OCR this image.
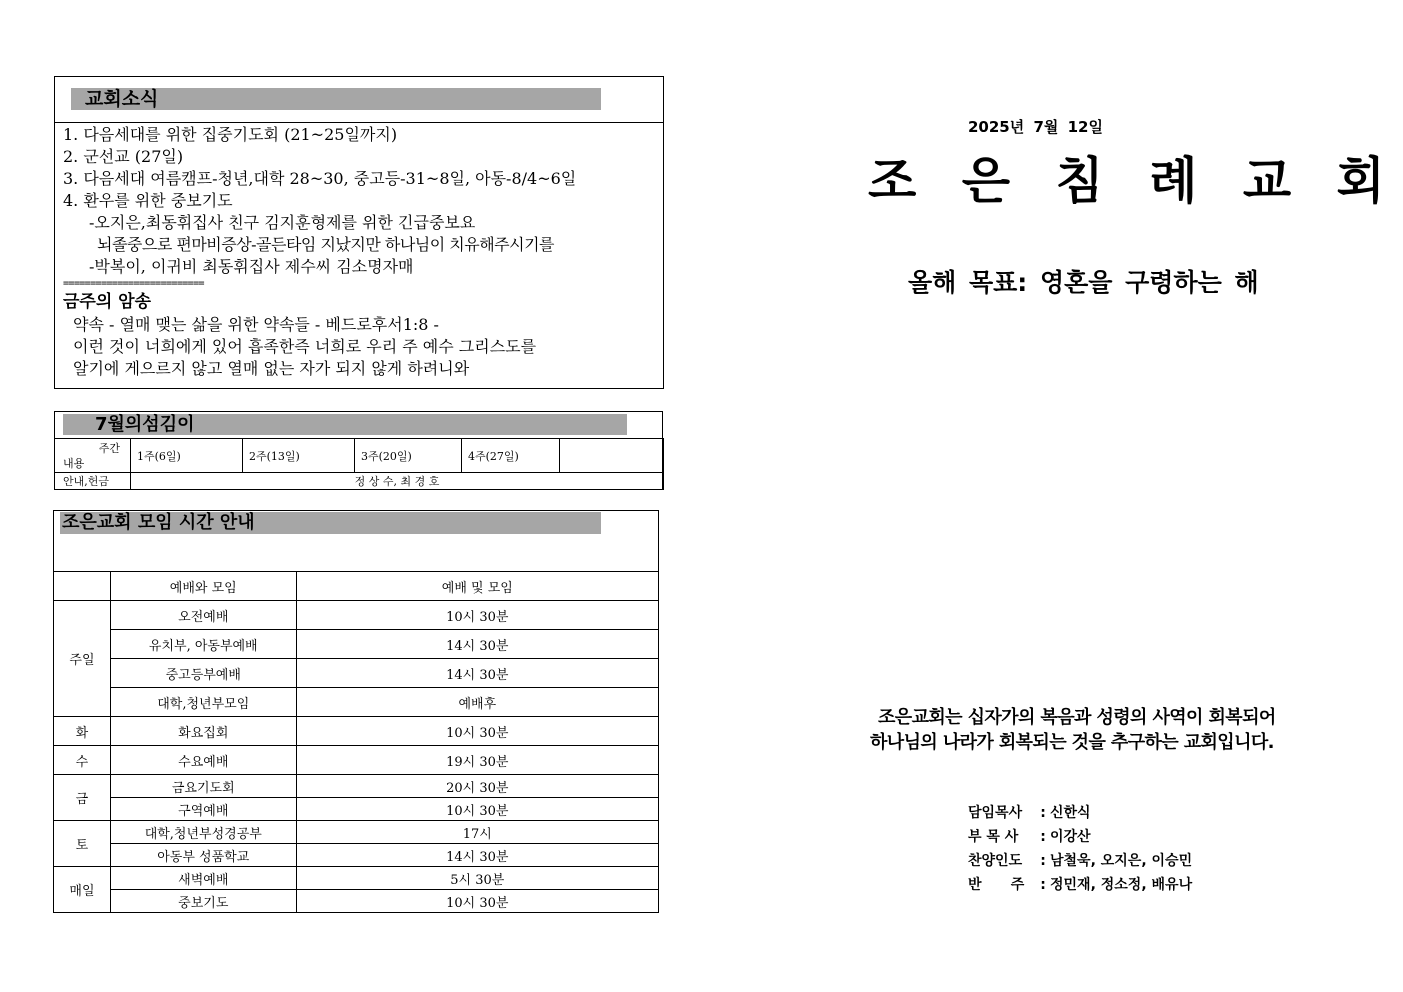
교회소식
1. 다음세대를 위한 집중기도회 (21~25일까지)
2. 군선교 (27일)
3. 다음세대 여름캠프-청년,대학 28~30, 중고등-31~8일, 아동-8/4~6일
4. 환우를 위한 중보기도
-오지은,최동휘집사 친구 김지훈형제를 위한 긴급중보요
뇌졸중으로 편마비증상-골든타임 지났지만 하나님이 치유해주시기를
-박복이, 이귀비 최동휘집사 제수씨 김소명자매
==========================
금주의 암송
약속 - 열매 맺는 삶을 위한 약속들 - 베드로후서1:8 -
이런 것이 너희에게 있어 흡족한즉 너희로 우리 주 예수 그리스도를
알기에 게으르지 않고 열매 없는 자가 되지 않게 하려니와
7월의섬김이
주간
내용	1주(6일)	2주(13일)	3주(20일)	4주(27일)	
안내,헌금	정 상 수, 최 경 호				
조은교회 모임 시간 안내
	예배와 모임	예배 및 모임
주일	오전예배	10시 30분
	유치부, 아동부예배	14시 30분
	중고등부예배	14시 30분
	대학,청년부모임	예배후
화	화요집회	10시 30분
수	수요예배	19시 30분
금	금요기도회	20시 30분
	구역예배	10시 30분
토	대학,청년부성경공부	17시
	아동부 성품학교	14시 30분
매일	새벽예배	5시 30분
	중보기도	10시 30분
2025년 7월 12일
조 은 침 례 교 회
올해 목표: 영혼을 구령하는 해
조은교회는 십자가의 복음과 성령의 사역이 회복되어
하나님의 나라가 회복되는 것을 추구하는 교회입니다.
담임목사 : 신한식
부 목 사 : 이강산
찬양인도 : 남철욱, 오지은, 이승민
반      주 : 정민재, 정소정, 배유나
